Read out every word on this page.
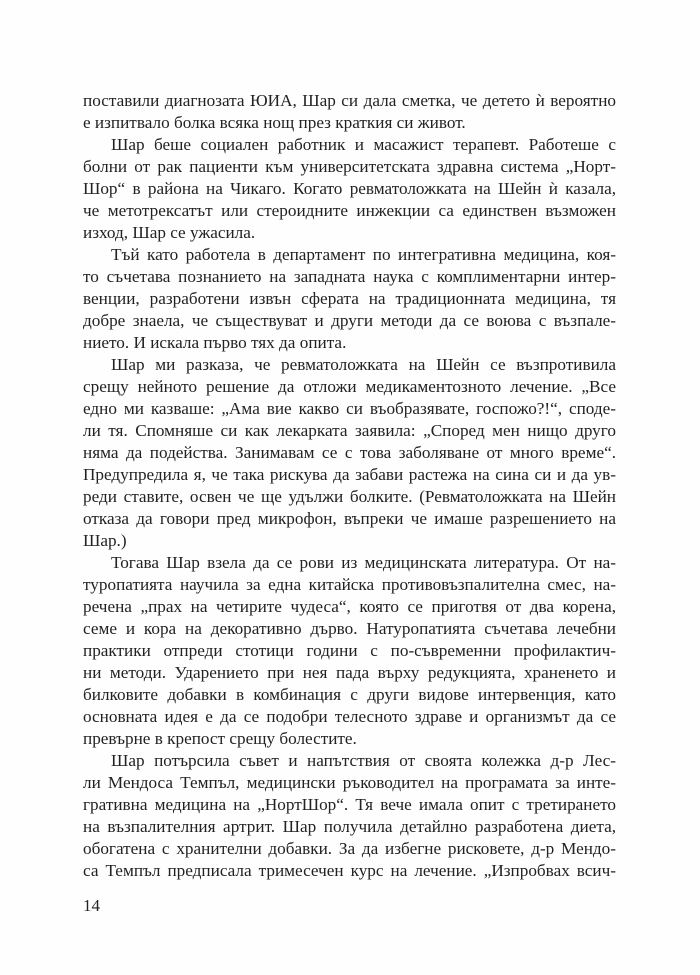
поставили диагнозата ЮИА, Шар си дала сметка, че детето ѝ вероятно
е изпитвало болка всяка нощ през краткия си живот.
Шар беше социален работник и масажист терапевт. Работеше с
болни от рак пациенти към университетската здравна система „Норт-
Шор“ в района на Чикаго. Когато ревматоложката на Шейн ѝ казала,
че метотрексатът или стероидните инжекции са единствен възможен
изход, Шар се ужасила.
Тъй като работела в департамент по интегративна медицина, коя-
то съчетава познанието на западната наука с комплиментарни интер-
венции, разработени извън сферата на традиционната медицина, тя
добре знаела, че съществуват и други методи да се воюва с възпале-
нието. И искала първо тях да опита.
Шар ми разказа, че ревматоложката на Шейн се възпротивила
срещу нейното решение да отложи медикаментозното лечение. „Все
едно ми казваше: „Ама вие какво си въобразявате, госпожо?!“, споде-
ли тя. Спомняше си как лекарката заявила: „Според мен нищо друго
няма да подейства. Занимавам се с това заболяване от много време“.
Предупредила я, че така рискува да забави растежа на сина си и да ув-
реди ставите, освен че ще удължи болките. (Ревматоложката на Шейн
отказа да говори пред микрофон, въпреки че имаше разрешението на
Шар.)
Тогава Шар взела да се рови из медицинската литература. От на-
туропатията научила за една китайска противовъзпалителна смес, на-
речена „прах на четирите чудеса“, която се приготвя от два корена,
семе и кора на декоративно дърво. Натуропатията съчетава лечебни
практики отпреди стотици години с по-съвременни профилактич-
ни методи. Ударението при нея пада върху редукцията, храненето и
билковите добавки в комбинация с други видове интервенция, като
основната идея е да се подобри телесното здраве и организмът да се
превърне в крепост срещу болестите.
Шар потърсила съвет и напътствия от своята колежка д-р Лес-
ли Мендоса Темпъл, медицински ръководител на програмата за инте-
гративна медицина на „НортШор“. Тя вече имала опит с третирането
на възпалителния артрит. Шар получила детайлно разработена диета,
обогатена с хранителни добавки. За да избегне рисковете, д-р Мендо-
са Темпъл предписала тримесечен курс на лечение. „Изпробвах всич-
14
